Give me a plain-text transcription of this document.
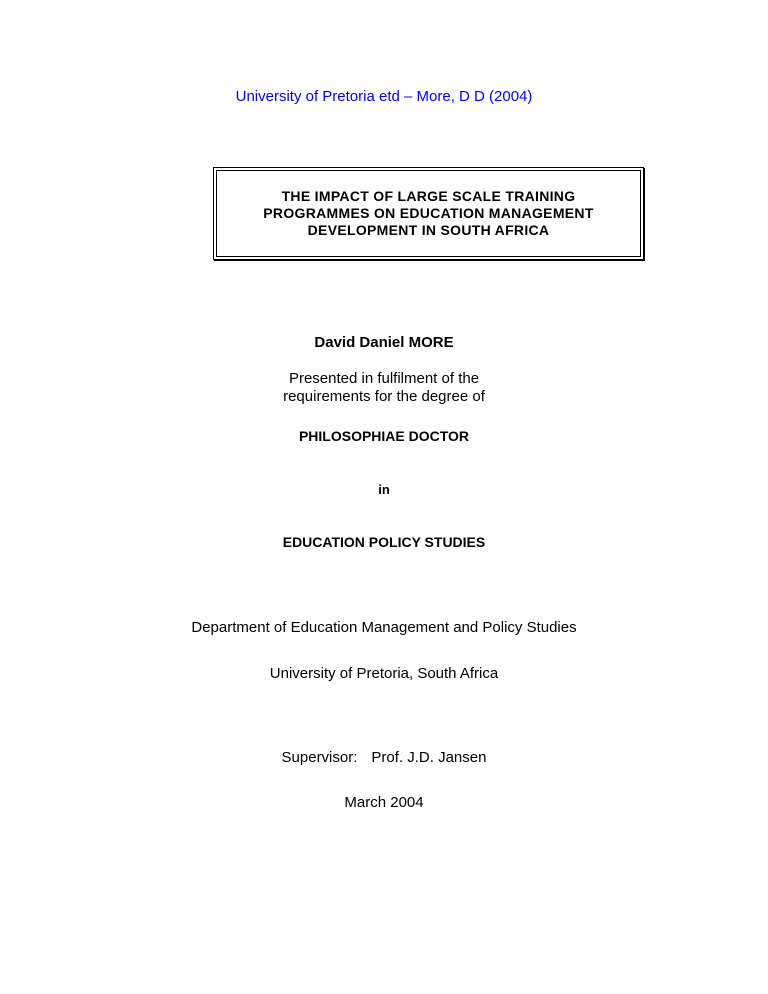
University of Pretoria etd – More, D D (2004)
THE IMPACT OF LARGE SCALE TRAINING
PROGRAMMES ON EDUCATION MANAGEMENT
DEVELOPMENT IN SOUTH AFRICA
David Daniel MORE
Presented in fulfilment of the
requirements for the degree of
PHILOSOPHIAE DOCTOR
in
EDUCATION POLICY STUDIES
Department of Education Management and Policy Studies
University of Pretoria, South Africa
Supervisor: Prof. J.D. Jansen
March 2004
